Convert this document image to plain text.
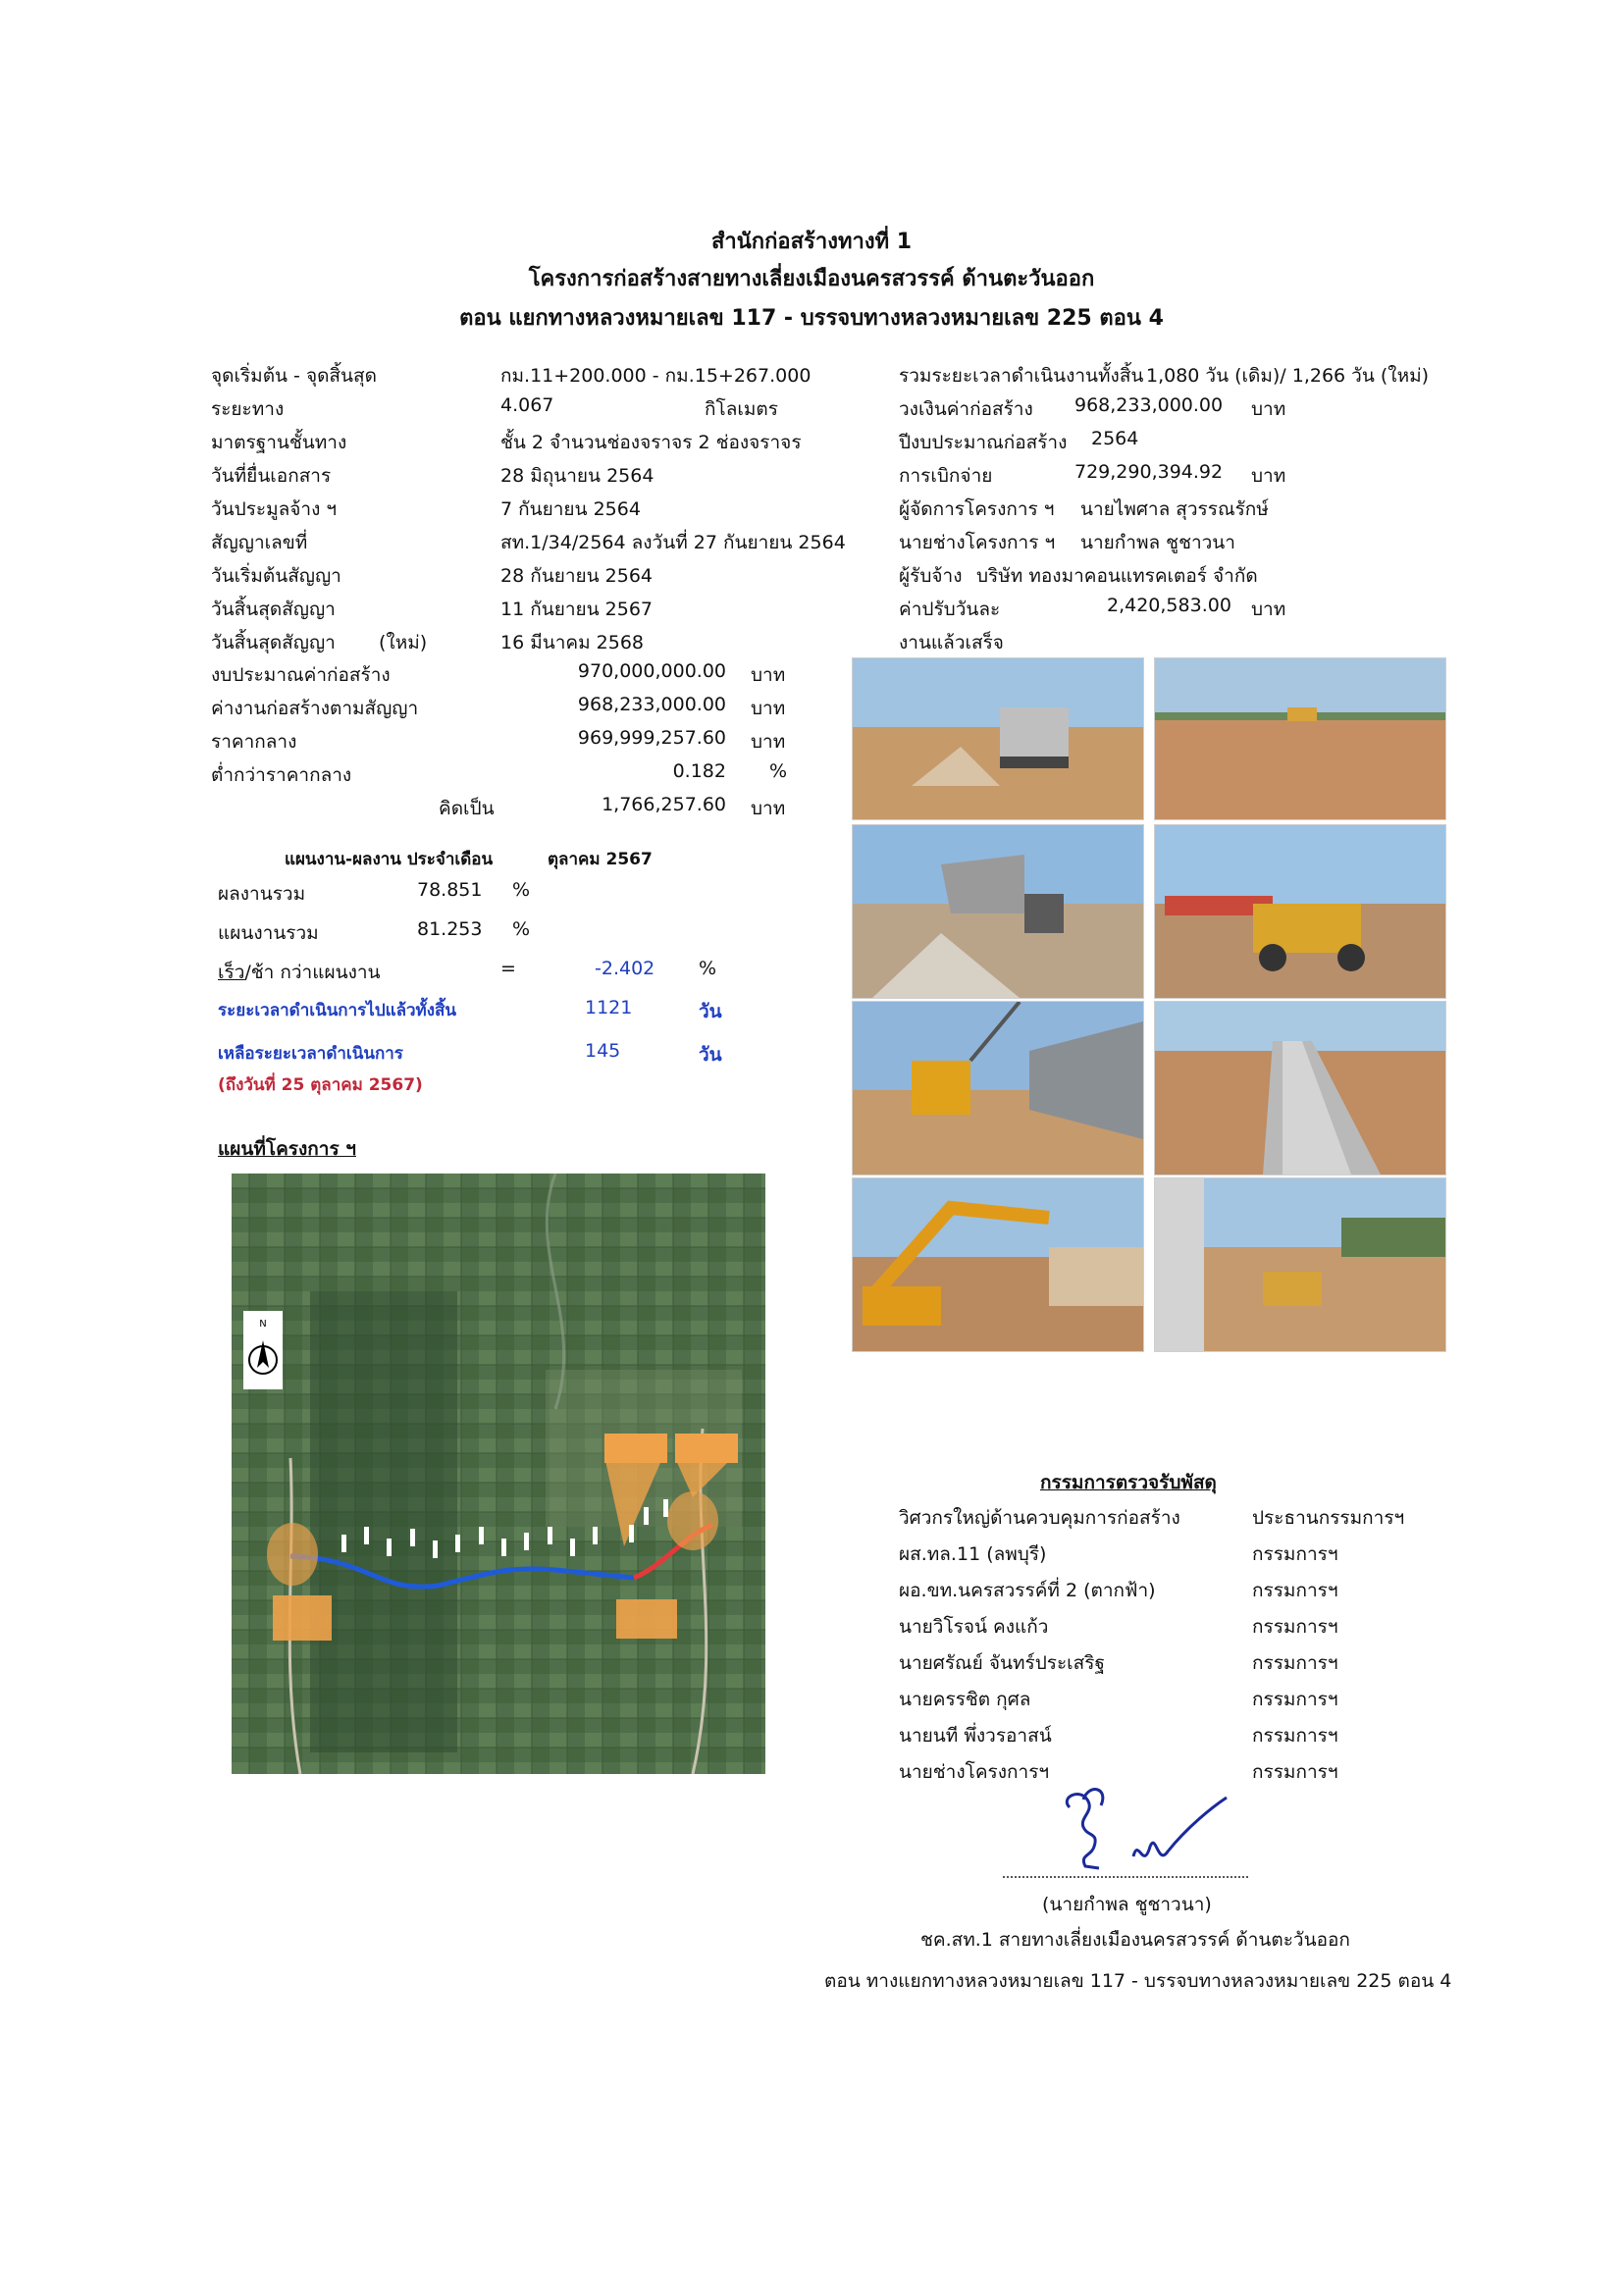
สำนักก่อสร้างทางที่ 1
โครงการก่อสร้างสายทางเลี่ยงเมืองนครสวรรค์ ด้านตะวันออก
ตอน แยกทางหลวงหมายเลข 117 - บรรจบทางหลวงหมายเลข 225 ตอน 4
จุดเริ่มต้น - จุดสิ้นสุด	กม.11+200.000 - กม.15+267.000
ระยะทาง	4.067	กิโลเมตร
มาตรฐานชั้นทาง	ชั้น 2 จำนวนช่องจราจร 2 ช่องจราจร
วันที่ยื่นเอกสาร	28 มิถุนายน 2564
วันประมูลจ้าง ฯ	7 กันยายน 2564
สัญญาเลขที่	สท.1/34/2564 ลงวันที่ 27 กันยายน 2564
วันเริ่มต้นสัญญา	28 กันยายน 2564
วันสิ้นสุดสัญญา	11 กันยายน 2567
วันสิ้นสุดสัญญา (ใหม่)	16 มีนาคม 2568
งบประมาณค่าก่อสร้าง	970,000,000.00 บาท
ค่างานก่อสร้างตามสัญญา	968,233,000.00 บาท
ราคากลาง	969,999,257.60 บาท
ต่ำกว่าราคากลาง	0.182 %
คิดเป็น	1,766,257.60 บาท
แผนงาน-ผลงาน ประจำเดือน	ตุลาคม 2567
ผลงานรวม	78.851 %
แผนงานรวม	81.253 %
เร็ว/ช้า กว่าแผนงาน	=	-2.402 %
ระยะเวลาดำเนินการไปแล้วทั้งสิ้น	1121	วัน
เหลือระยะเวลาดำเนินการ	145	วัน
(ถึงวันที่ 25 ตุลาคม 2567)
แผนที่โครงการ ฯ
N
รวมระยะเวลาดำเนินงานทั้งสิ้น 1,080 วัน (เดิม)/ 1,266 วัน (ใหม่)
วงเงินค่าก่อสร้าง 968,233,000.00 บาท
ปีงบประมาณก่อสร้าง 2564
การเบิกจ่าย	729,290,394.92 บาท
ผู้จัดการโครงการ ฯ นายไพศาล สุวรรณรักษ์
นายช่างโครงการ ฯ นายกำพล ชูชาวนา
ผู้รับจ้าง บริษัท ทองมาคอนแทรคเตอร์ จำกัด
ค่าปรับวันละ	2,420,583.00 บาท
งานแล้วเสร็จ
กรรมการตรวจรับพัสดุ
วิศวกรใหญ่ด้านควบคุมการก่อสร้าง	ประธานกรรมการฯ
ผส.ทล.11 (ลพบุรี)	กรรมการฯ
ผอ.ขท.นครสวรรค์ที่ 2 (ตากฟ้า)	กรรมการฯ
นายวิโรจน์ คงแก้ว	กรรมการฯ
นายศรัณย์ จันทร์ประเสริฐ	กรรมการฯ
นายครรชิต กุศล	กรรมการฯ
นายนที พึ่งวรอาสน์	กรรมการฯ
นายช่างโครงการฯ	กรรมการฯ
(นายกำพล ชูชาวนา)
ชค.สท.1 สายทางเลี่ยงเมืองนครสวรรค์ ด้านตะวันออก
ตอน ทางแยกทางหลวงหมายเลข 117 - บรรจบทางหลวงหมายเลข 225 ตอน 4
